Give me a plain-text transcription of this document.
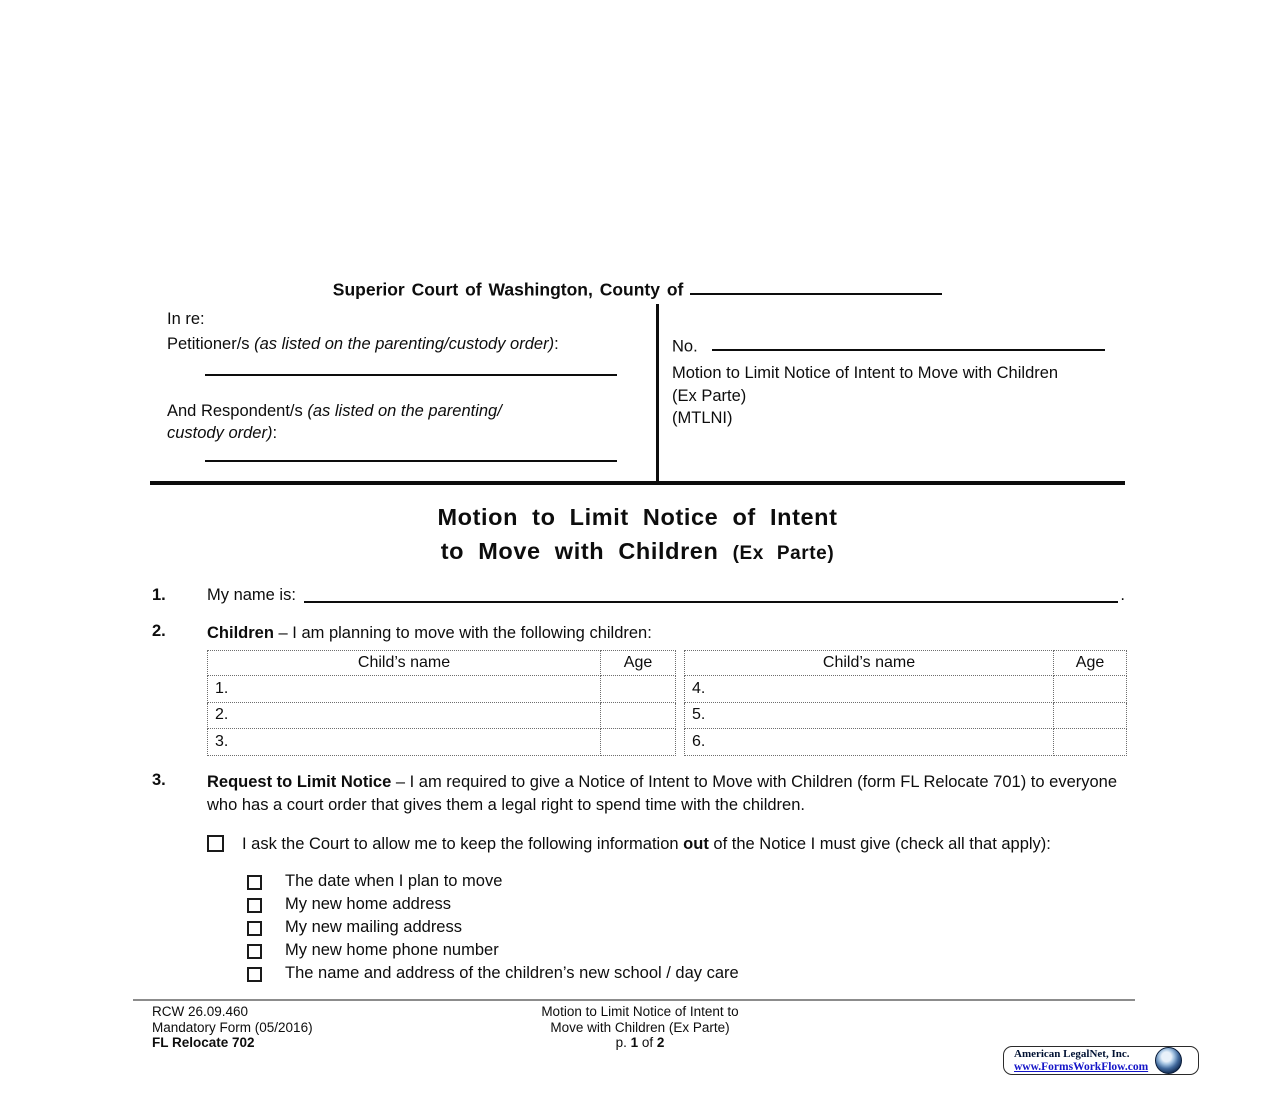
Superior Court of Washington, County of
In re:
Petitioner/s (as listed on the parenting/custody order):
And Respondent/s (as listed on the parenting/
custody order):
No.
Motion to Limit Notice of Intent to Move with Children (Ex Parte)
(MTLNI)
Motion to Limit Notice of Intent
to Move with Children (Ex Parte)
1.	My name is:	.
2.	Children – I am planning to move with the following children:
Child’s name	Age
1.	
2.	
3.	
Child’s name	Age
4.	
5.	
6.	
3.	Request to Limit Notice – I am required to give a Notice of Intent to Move with Children (form FL Relocate 701) to everyone who has a court order that gives them a legal right to spend time with the children.
I ask the Court to allow me to keep the following information out of the Notice I must give (check all that apply):
The date when I plan to move
My new home address
My new mailing address
My new home phone number
The name and address of the children’s new school / day care
RCW 26.09.460
Mandatory Form (05/2016)
FL Relocate 702
Motion to Limit Notice of Intent to
Move with Children (Ex Parte)
p. 1 of 2
American LegalNet, Inc.
www.FormsWorkFlow.com
